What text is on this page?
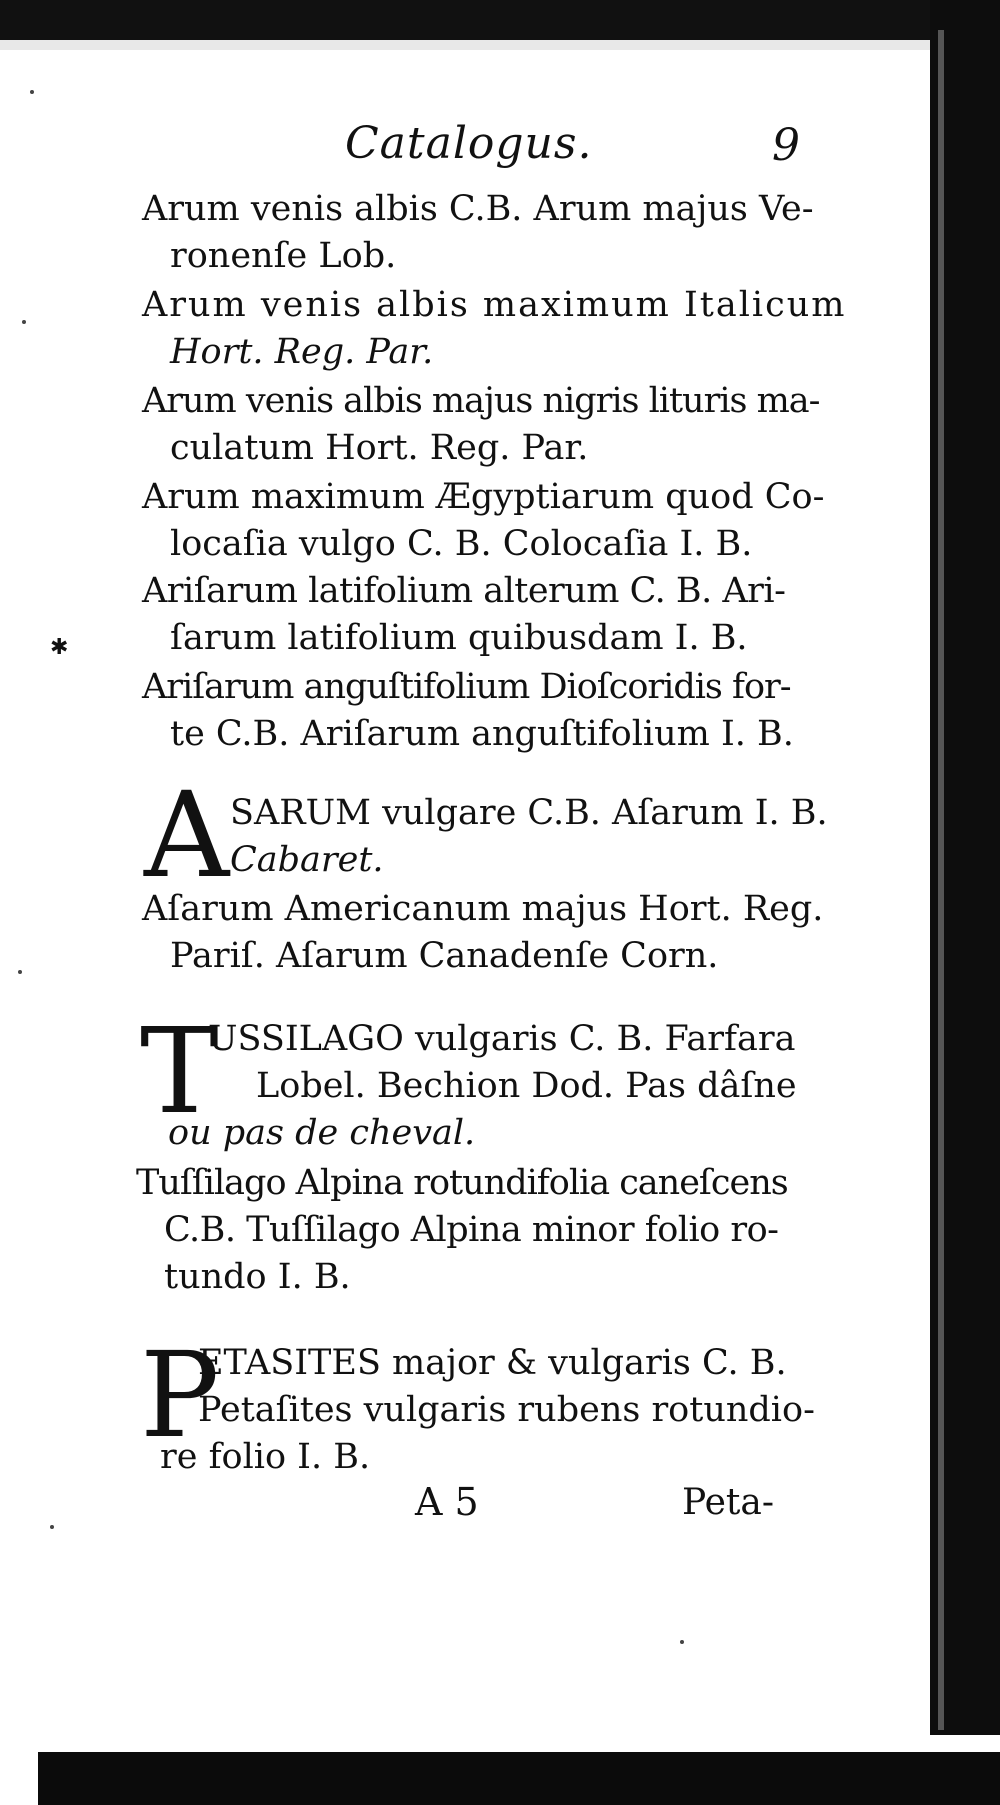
Catalogus.	9
Arum venis albis C.B. Arum majus Ve-
ronenſe Lob.
Arum venis albis maximum Italicum
Hort. Reg. Par.
Arum venis albis majus nigris lituris ma-
culatum Hort. Reg. Par.
Arum maximum Ægyptiarum quod Co-
locaſia vulgo C. B. Colocaſia I. B.
Ariſarum latifolium alterum C. B. Ari-
ſarum latifolium quibusdam I. B.
Ariſarum anguſtifolium Dioſcoridis for-
te C.B. Ariſarum anguſtifolium I. B.
✱
A SARUM vulgare C.B. Aſarum I. B.
Cabaret.
Aſarum Americanum majus Hort. Reg.
Pariſ. Aſarum Canadenſe Corn.
T
USSILAGO vulgaris C. B. Farfara
Lobel. Bechion Dod. Pas dâſne
ou pas de cheval.
Tuſſilago Alpina rotundifolia caneſcens
C.B. Tuſſilago Alpina minor folio ro-
tundo I. B.
P
ETASITES major & vulgaris C. B.
Petaſites vulgaris rubens rotundio-
re folio I. B.
A 5	Peta-
